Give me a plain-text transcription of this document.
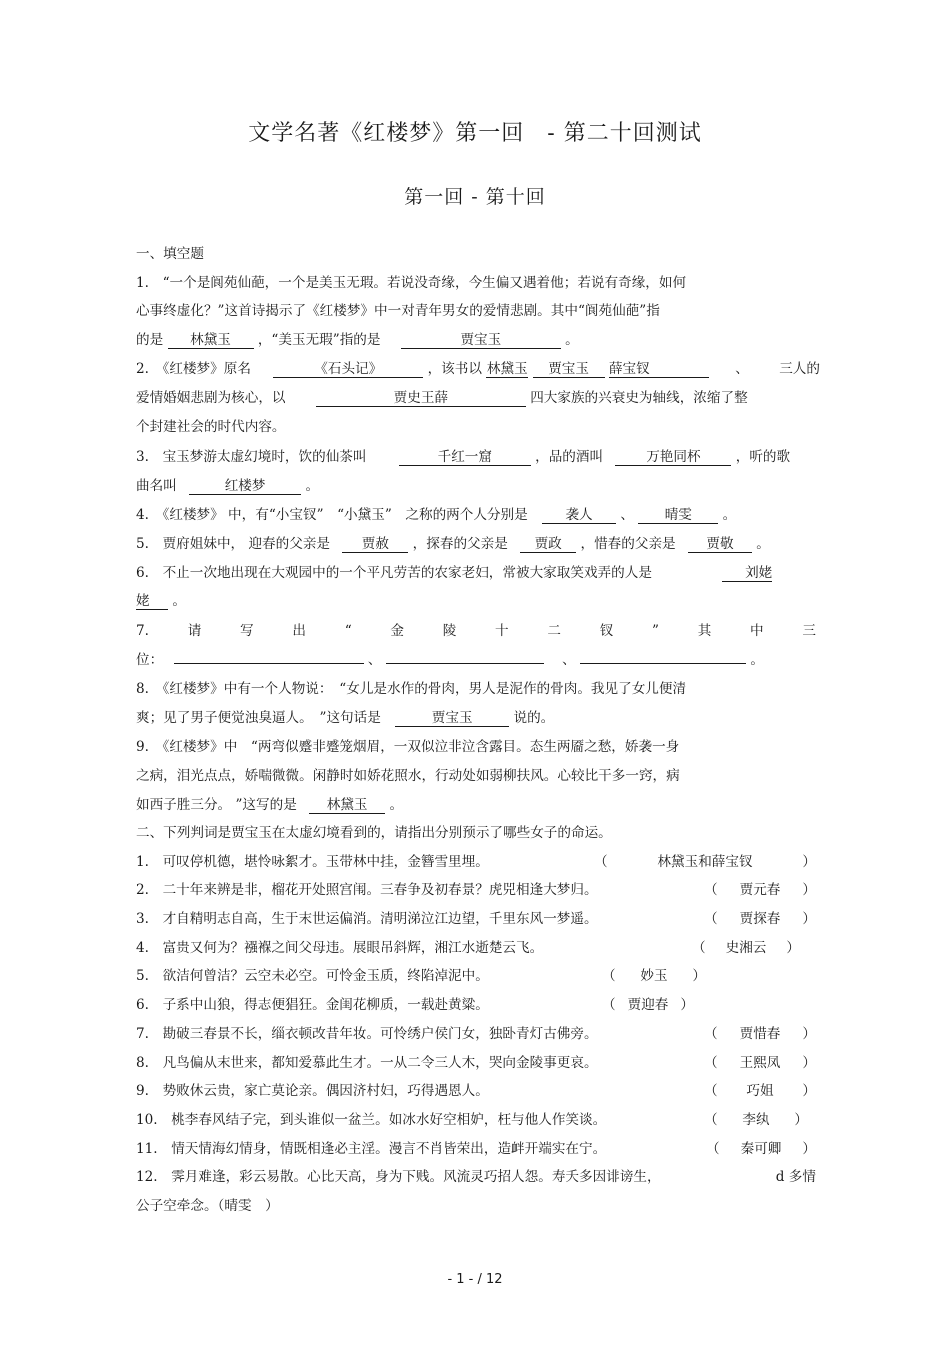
文学名著《红楼梦》第一回　- 第二十回测试
第一回 - 第十回
一、填空题
1.　“一个是阆苑仙葩，一个是美玉无瑕。若说没奇缘，今生偏又遇着他；若说有奇缘，如何
心事终虚化？”这首诗揭示了《红楼梦》中一对青年男女的爱情悲剧。其中“阆苑仙葩”指
的是 林黛玉 ，“美玉无瑕”指的是	贾宝玉	。
2.　《红楼梦》原名	《石头记》	，该书以 林黛玉 贾宝玉 薛宝钗	、 三人的
爱情婚姻悲剧为核心，以	贾史王薛	四大家族的兴衰史为轴线，浓缩了整
个封建社会的时代内容。
3.　宝玉梦游太虚幻境时，饮的仙茶叫	千红一窟	，品的酒叫	万艳同杯	，听的歌
曲名叫	红楼梦	。
4.　《红楼梦》 中，有“小宝钗”　“小黛玉”　之称的两个人分别是	袭人 、 晴雯 。
5.　贾府姐妹中， 迎春的父亲是 贾赦 ，探春的父亲是 贾政 ，惜春的父亲是 贾敬 。
6.　不止一次地出现在大观园中的一个平凡劳苦的农家老妇，常被大家取笑戏弄的人是	刘姥
姥 。
7.	请	写	出	“	金	陵	十	二	钗	”	其	中	三
位：	、	、	。
8.　《红楼梦》中有一个人物说：　“女儿是水作的骨肉，男人是泥作的骨肉。我见了女儿便清
爽；见了男子便觉浊臭逼人。　”这句话是	贾宝玉	说的。
9.　《红楼梦》中　“两弯似蹙非蹙笼烟眉，一双似泣非泣含露目。态生两靥之愁，娇袭一身
之病，泪光点点，娇喘微微。闲静时如娇花照水，行动处如弱柳扶风。心较比干多一窍，病
如西子胜三分。 ”这写的是 林黛玉 。
二、下列判词是贾宝玉在太虚幻境看到的，请指出分别预示了哪些女子的命运。
1.　 可叹停机德，堪怜咏絮才。玉带林中挂，金簪雪里埋。	（	林黛玉和薛宝钗	）
2.　 二十年来辨是非，榴花开处照宫闱。三春争及初春景？虎兕相逢大梦归。	（ 贾元春 ）
3.　 才自精明志自高，生于末世运偏消。清明涕泣江边望，千里东风一梦遥。	（ 贾探春 ）
4.　 富贵又何为？襁褓之间父母违。展眼吊斜辉，湘江水逝楚云飞。	（ 史湘云 ）
5.　 欲洁何曾洁？云空未必空。可怜金玉质，终陷淖泥中。	（ 妙玉 ）
6.　 子系中山狼，得志便猖狂。金闺花柳质，一载赴黄粱。	（ 贾迎春 ）
7.　 勘破三春景不长，缁衣顿改昔年妆。可怜绣户侯门女，独卧青灯古佛旁。	（ 贾惜春 ）
8.　 凡鸟偏从末世来，都知爱慕此生才。一从二令三人木，哭向金陵事更哀。	（ 王熙凤 ）
9.　 势败休云贵，家亡莫论亲。偶因济村妇，巧得遇恩人。	（ 巧姐 ）
10.　 桃李春风结子完，到头谁似一盆兰。如冰水好空相妒，枉与他人作笑谈。	（ 李纨 ）
11.　 情天情海幻情身，情既相逢必主淫。漫言不肖皆荣出，造衅开端实在宁。	（ 秦可卿 ）
12.　霁月难逢，彩云易散。心比天高，身为下贱。风流灵巧招人怨。寿夭多因诽谤生，	d 多情
公子空牵念。（晴雯　）
- 1 - / 12
